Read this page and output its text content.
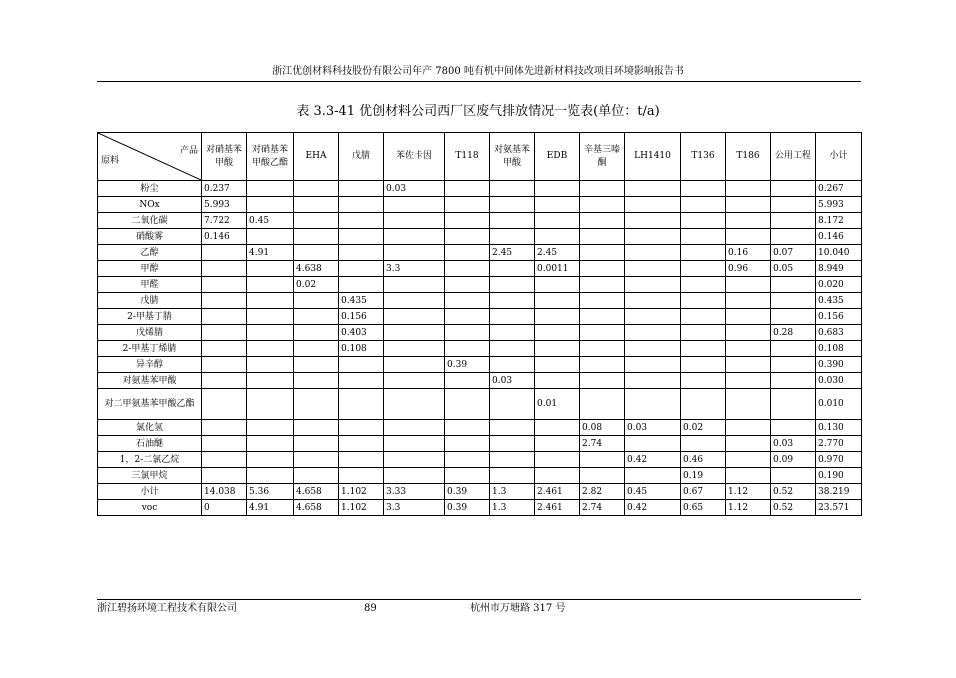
浙江优创材料科技股份有限公司年产 7800 吨有机中间体先进新材料技改项目环境影响报告书
表 3.3-41 优创材料公司西厂区废气排放情况一览表(单位：t/a)
产品
原料	对硝基苯甲酸	对硝基苯甲酸乙酯	EHA	戊腈	苯佐卡因	T118	对氨基苯甲酸	EDB	辛基三嗪酮	LH1410	T136	T186	公用工程	小计
粉尘	0.237				0.03									0.267
NOx	5.993													5.993
二氧化碳	7.722	0.45												8.172
硝酸雾	0.146													0.146
乙醇		4.91					2.45	2.45				0.16	0.07	10.040
甲醇			4.638		3.3			0.0011				0.96	0.05	8.949
甲醛			0.02											0.020
戊腈				0.435										0.435
2-甲基丁腈				0.156										0.156
戊烯腈				0.403									0.28	0.683
2-甲基丁烯腈				0.108										0.108
异辛醇						0.39								0.390
对氨基苯甲酸							0.03							0.030
对二甲氨基苯甲酸乙酯								0.01						0.010
氯化氢									0.08	0.03	0.02			0.130
石油醚									2.74				0.03	2.770
1，2-二氯乙烷										0.42	0.46		0.09	0.970
三氯甲烷											0.19			0.190
小计	14.038	5.36	4.658	1.102	3.33	0.39	1.3	2.461	2.82	0.45	0.67	1.12	0.52	38.219
voc	0	4.91	4.658	1.102	3.3	0.39	1.3	2.461	2.74	0.42	0.65	1.12	0.52	23.571
浙江碧扬环境工程技术有限公司	89	杭州市万塘路 317 号
